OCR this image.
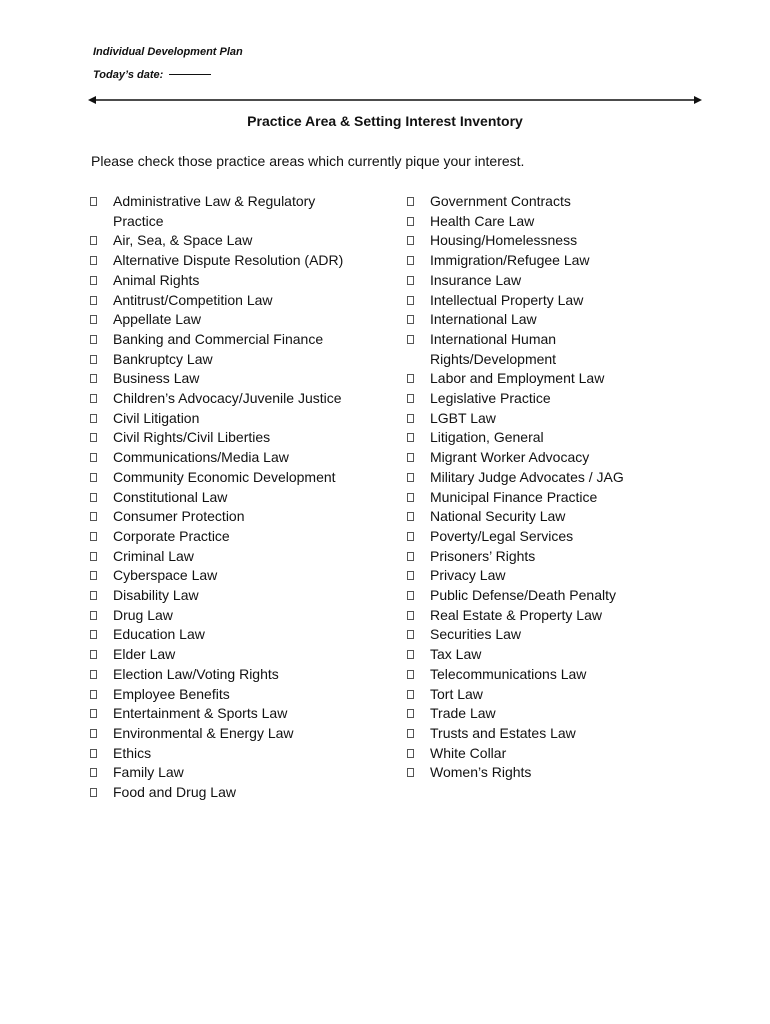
Individual Development Plan
Today’s date:
Practice Area & Setting Interest Inventory

Please check those practice areas which currently pique your interest.

Administrative Law & Regulatory Practice
Air, Sea, & Space Law
Alternative Dispute Resolution (ADR)
Animal Rights
Antitrust/Competition Law
Appellate Law
Banking and Commercial Finance
Bankruptcy Law
Business Law
Children’s Advocacy/Juvenile Justice
Civil Litigation
Civil Rights/Civil Liberties
Communications/Media Law
Community Economic Development
Constitutional Law
Consumer Protection
Corporate Practice
Criminal Law
Cyberspace Law
Disability Law
Drug Law
Education Law
Elder Law
Election Law/Voting Rights
Employee Benefits
Entertainment & Sports Law
Environmental & Energy Law
Ethics
Family Law
Food and Drug Law
Government Contracts
Health Care Law
Housing/Homelessness
Immigration/Refugee Law
Insurance Law
Intellectual Property Law
International Law
International Human Rights/Development
Labor and Employment Law
Legislative Practice
LGBT Law
Litigation, General
Migrant Worker Advocacy
Military Judge Advocates / JAG
Municipal Finance Practice
National Security Law
Poverty/Legal Services
Prisoners’ Rights
Privacy Law
Public Defense/Death Penalty
Real Estate & Property Law
Securities Law
Tax Law
Telecommunications Law
Tort Law
Trade Law
Trusts and Estates Law
White Collar
Women’s Rights
